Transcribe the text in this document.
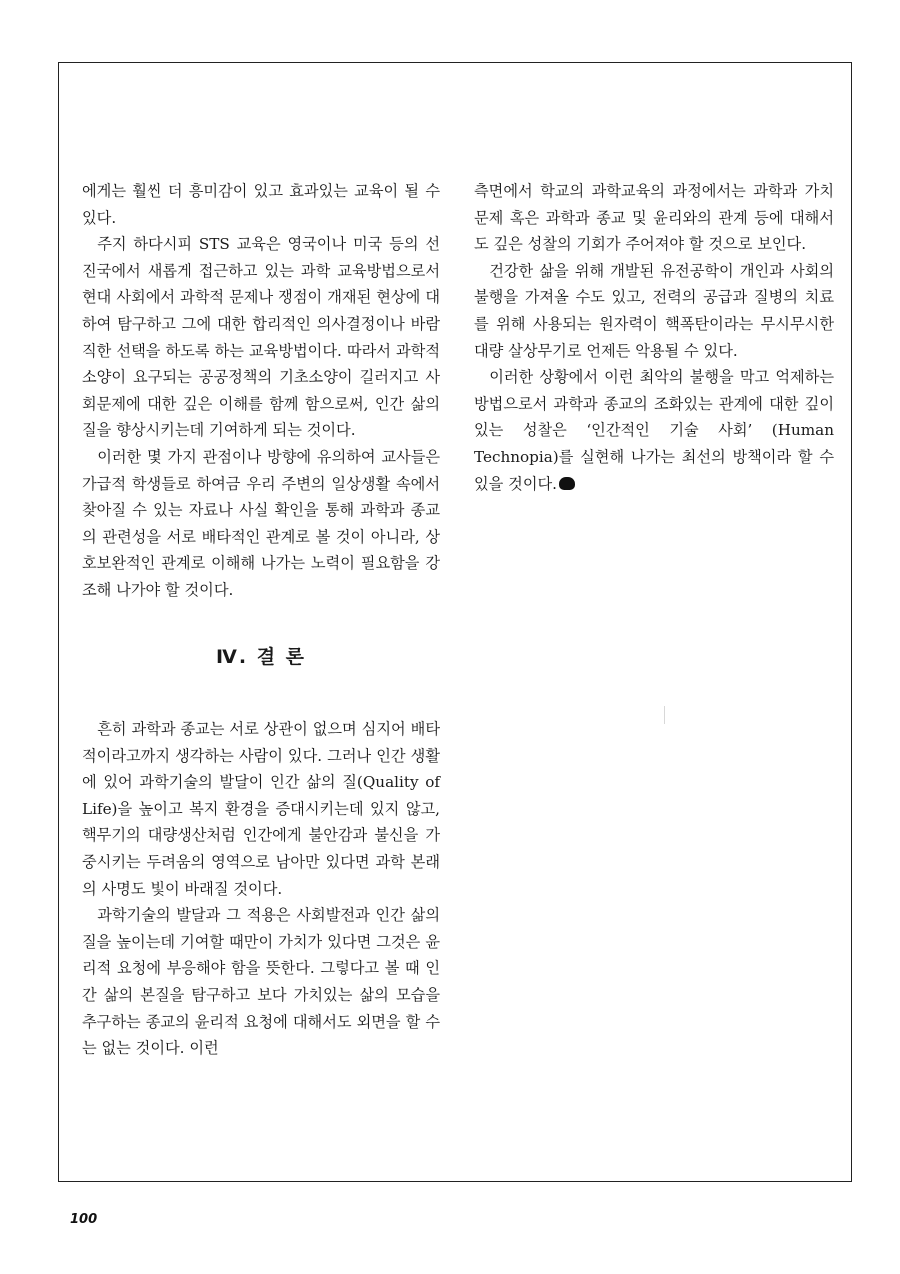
에게는 훨씬 더 흥미감이 있고 효과있는 교육이 될 수 있다.

주지 하다시피 STS 교육은 영국이나 미국 등의 선진국에서 새롭게 접근하고 있는 과학 교육방법으로서 현대 사회에서 과학적 문제나 쟁점이 개재된 현상에 대하여 탐구하고 그에 대한 합리적인 의사결정이나 바람직한 선택을 하도록 하는 교육방법이다. 따라서 과학적 소양이 요구되는 공공정책의 기초소양이 길러지고 사회문제에 대한 깊은 이해를 함께 함으로써, 인간 삶의 질을 향상시키는데 기여하게 되는 것이다.

이러한 몇 가지 관점이나 방향에 유의하여 교사들은 가급적 학생들로 하여금 우리 주변의 일상생활 속에서 찾아질 수 있는 자료나 사실 확인을 통해 과학과 종교의 관련성을 서로 배타적인 관계로 볼 것이 아니라, 상호보완적인 관계로 이해해 나가는 노력이 필요함을 강조해 나가야 할 것이다.

Ⅳ. 결 론

흔히 과학과 종교는 서로 상관이 없으며 심지어 배타적이라고까지 생각하는 사람이 있다. 그러나 인간 생활에 있어 과학기술의 발달이 인간 삶의 질(Quality of Life)을 높이고 복지 환경을 증대시키는데 있지 않고, 핵무기의 대량생산처럼 인간에게 불안감과 불신을 가중시키는 두려움의 영역으로 남아만 있다면 과학 본래의 사명도 빛이 바래질 것이다.

과학기술의 발달과 그 적용은 사회발전과 인간 삶의 질을 높이는데 기여할 때만이 가치가 있다면 그것은 윤리적 요청에 부응해야 함을 뜻한다. 그렇다고 볼 때 인간 삶의 본질을 탐구하고 보다 가치있는 삶의 모습을 추구하는 종교의 윤리적 요청에 대해서도 외면을 할 수는 없는 것이다. 이런

측면에서 학교의 과학교육의 과정에서는 과학과 가치문제 혹은 과학과 종교 및 윤리와의 관계 등에 대해서도 깊은 성찰의 기회가 주어져야 할 것으로 보인다.

건강한 삶을 위해 개발된 유전공학이 개인과 사회의 불행을 가져올 수도 있고, 전력의 공급과 질병의 치료를 위해 사용되는 원자력이 핵폭탄이라는 무시무시한 대량 살상무기로 언제든 악용될 수 있다.

이러한 상황에서 이런 최악의 불행을 막고 억제하는 방법으로서 과학과 종교의 조화있는 관계에 대한 깊이 있는 성찰은 ‘인간적인 기술 사회’ (Human Technopia)를 실현해 나가는 최선의 방책이라 할 수 있을 것이다.

100
